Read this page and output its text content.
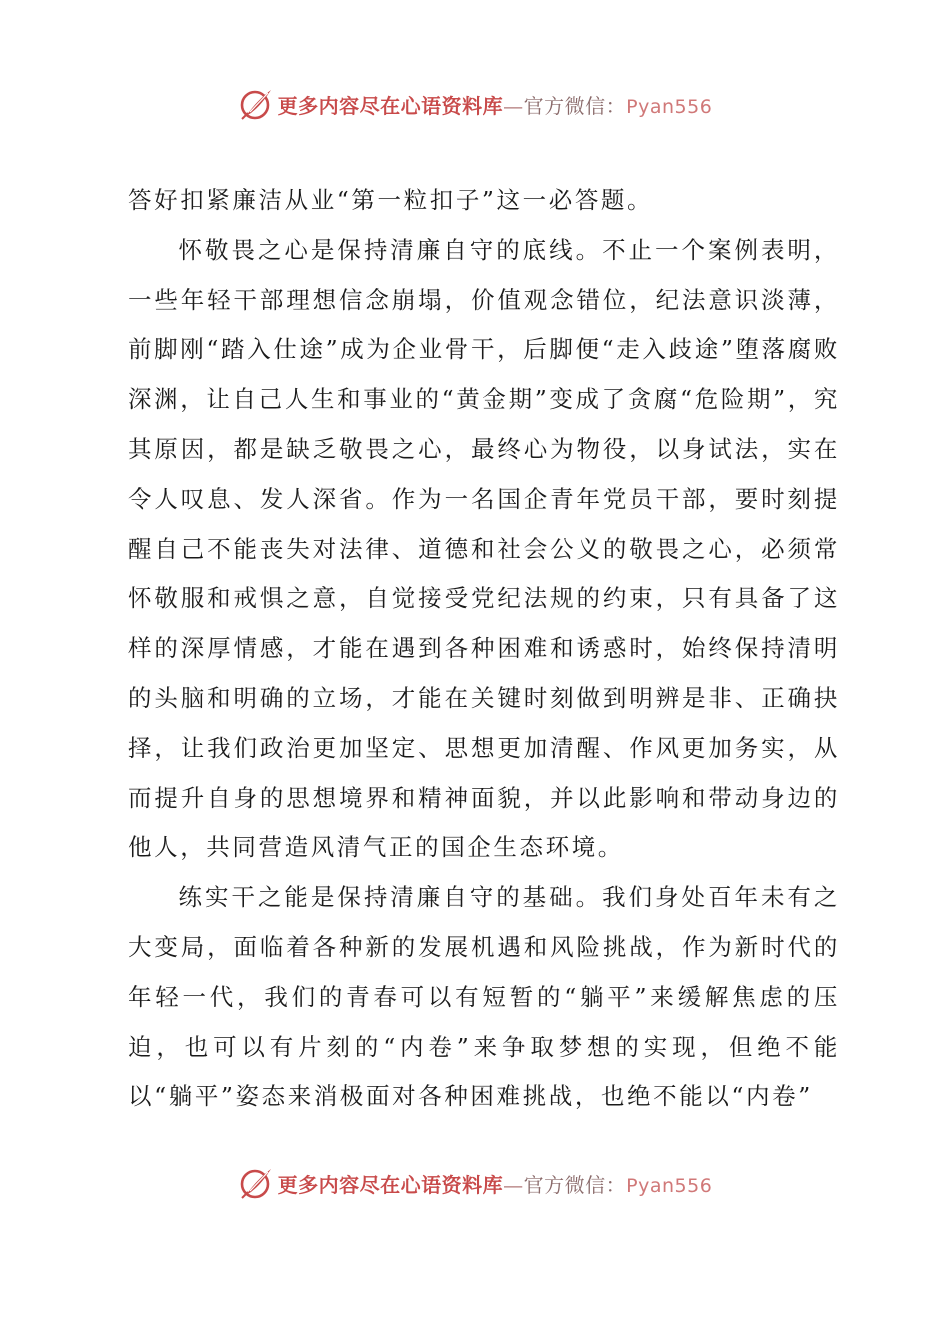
更多内容尽在心语资料库—官方微信：Pyan556

答好扣紧廉洁从业“第一粒扣子”这一必答题。

怀敬畏之心是保持清廉自守的底线。不止一个案例表明，一些年轻干部理想信念崩塌，价值观念错位，纪法意识淡薄，前脚刚“踏入仕途”成为企业骨干，后脚便“走入歧途”堕落腐败深渊，让自己人生和事业的“黄金期”变成了贪腐“危险期”，究其原因，都是缺乏敬畏之心，最终心为物役，以身试法，实在令人叹息、发人深省。作为一名国企青年党员干部，要时刻提醒自己不能丧失对法律、道德和社会公义的敬畏之心，必须常怀敬服和戒惧之意，自觉接受党纪法规的约束，只有具备了这样的深厚情感，才能在遇到各种困难和诱惑时，始终保持清明的头脑和明确的立场，才能在关键时刻做到明辨是非、正确抉择，让我们政治更加坚定、思想更加清醒、作风更加务实，从而提升自身的思想境界和精神面貌，并以此影响和带动身边的他人，共同营造风清气正的国企生态环境。

练实干之能是保持清廉自守的基础。我们身处百年未有之大变局，面临着各种新的发展机遇和风险挑战，作为新时代的年轻一代，我们的青春可以有短暂的“躺平”来缓解焦虑的压迫，也可以有片刻的“内卷”来争取梦想的实现，但绝不能以“躺平”姿态来消极面对各种困难挑战，也绝不能以“内卷”

更多内容尽在心语资料库—官方微信：Pyan556
